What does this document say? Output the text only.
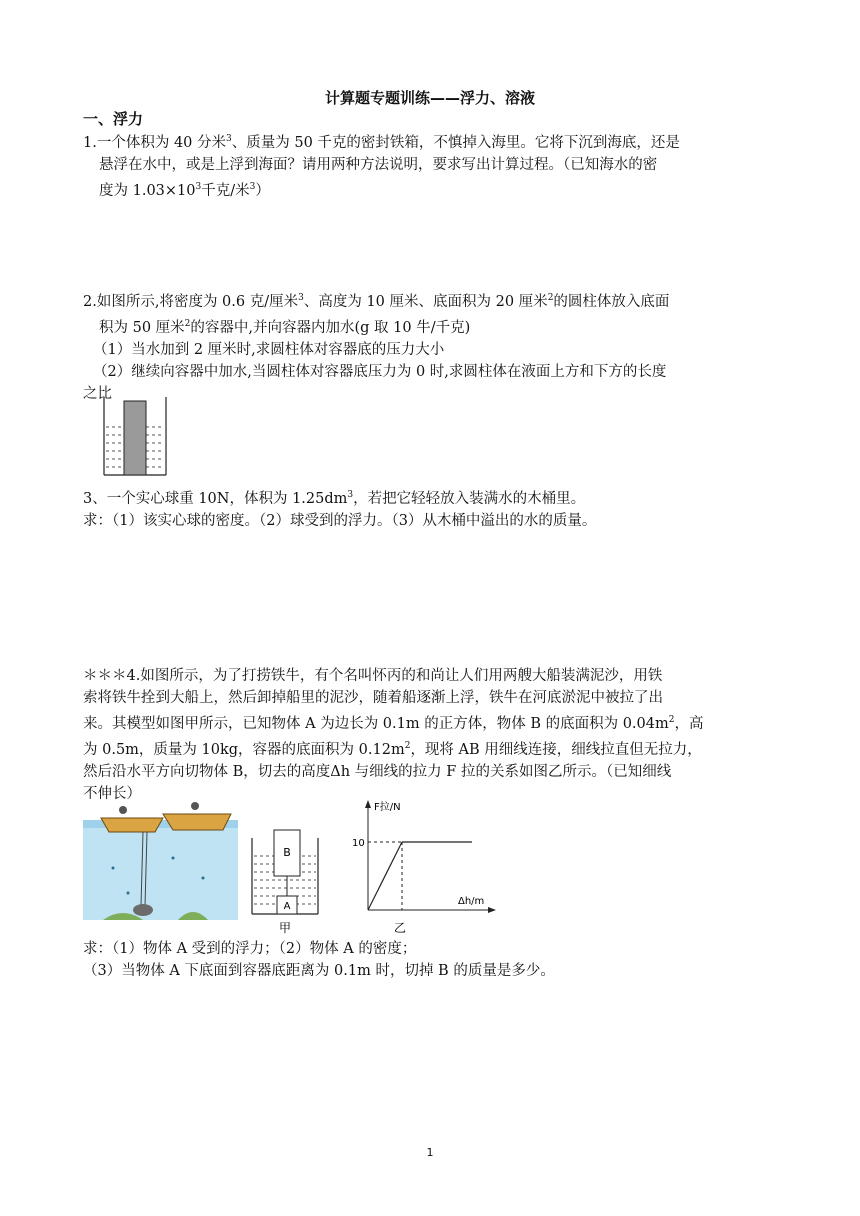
计算题专题训练——浮力、溶液
一、浮力
1.一个体积为 40 分米$^3$、质量为 50 千克的密封铁箱，不慎掉入海里。它将下沉到海底，还是
悬浮在水中，或是上浮到海面？请用两种方法说明，要求写出计算过程。（已知海水的密
度为 $1.03\times 10^3$千克/米$^3$）
2.如图所示,将密度为 0.6 克/厘米$^3$、高度为 10 厘米、底面积为 20 厘米$^2$的圆柱体放入底面
积为 50 厘米$^2$的容器中,并向容器内加水(g 取 10 牛/千克)
（1）当水加到 2 厘米时,求圆柱体对容器底的压力大小
（2）继续向容器中加水,当圆柱体对容器底压力为 0 时,求圆柱体在液面上方和下方的长度
之比
3、一个实心球重 10N，体积为 $1.25dm^3$，若把它轻轻放入装满水的木桶里。
求：（1）该实心球的密度。（2）球受到的浮力。（3）从木桶中溢出的水的质量。
＊＊＊4.如图所示，为了打捞铁牛，有个名叫怀丙的和尚让人们用两艘大船装满泥沙，用铁
索将铁牛拴到大船上，然后卸掉船里的泥沙，随着船逐渐上浮，铁牛在河底淤泥中被拉了出
来。其模型如图甲所示，已知物体 A 为边长为 0.1m 的正方体，物体 B 的底面积为 $0.04m^2$，高
为 0.5m，质量为 10kg，容器的底面积为 $0.12m^2$，现将 AB 用细线连接，细线拉直但无拉力，
然后沿水平方向切物体 B，切去的高度Δh 与细线的拉力 F 拉的关系如图乙所示。（已知细线
不伸长）
B
A
甲
F拉/N
10
Δh/m
乙
求：（1）物体 A 受到的浮力；（2）物体 A 的密度；
（3）当物体 A 下底面到容器底距离为 0.1m 时，切掉 B 的质量是多少。
1
